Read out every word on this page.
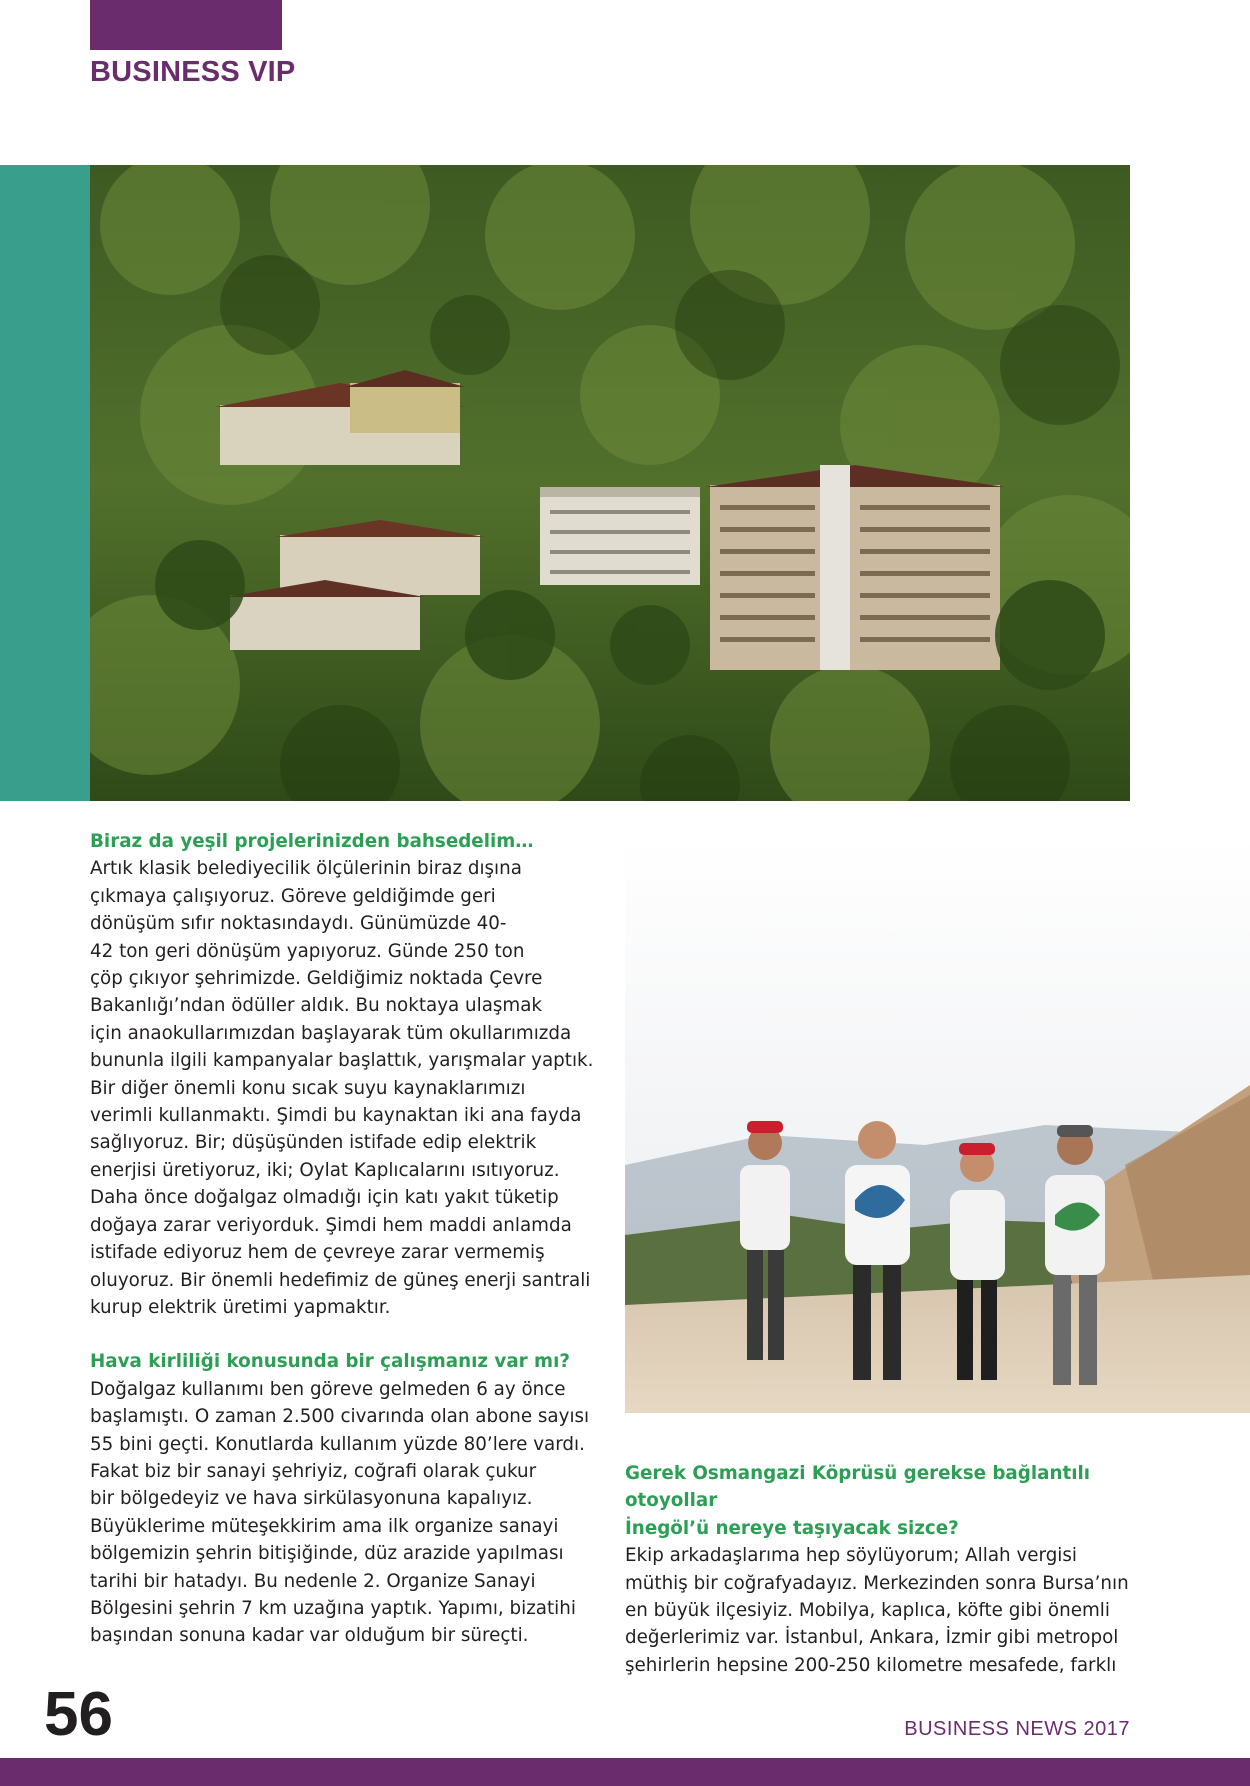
BUSINESS VIP

Biraz da yeşil projelerinizden bahsedelim…

Artık klasik belediyecilik ölçülerinin biraz dışına

çıkmaya çalışıyoruz. Göreve geldiğimde geri

dönüşüm sıfır noktasındaydı. Günümüzde 40-

42 ton geri dönüşüm yapıyoruz. Günde 250 ton

çöp çıkıyor şehrimizde. Geldiğimiz noktada Çevre

Bakanlığı’ndan ödüller aldık. Bu noktaya ulaşmak

için anaokullarımızdan başlayarak tüm okullarımızda

bununla ilgili kampanyalar başlattık, yarışmalar yaptık.

Bir diğer önemli konu sıcak suyu kaynaklarımızı

verimli kullanmaktı. Şimdi bu kaynaktan iki ana fayda

sağlıyoruz. Bir; düşüşünden istifade edip elektrik

enerjisi üretiyoruz, iki; Oylat Kaplıcalarını ısıtıyoruz.

Daha önce doğalgaz olmadığı için katı yakıt tüketip

doğaya zarar veriyorduk. Şimdi hem maddi anlamda

istifade ediyoruz hem de çevreye zarar vermemiş

oluyoruz. Bir önemli hedefimiz de güneş enerji santrali

kurup elektrik üretimi yapmaktır.

Hava kirliliği konusunda bir çalışmanız var mı?

Doğalgaz kullanımı ben göreve gelmeden 6 ay önce

başlamıştı. O zaman 2.500 civarında olan abone sayısı

55 bini geçti. Konutlarda kullanım yüzde 80’lere vardı.

Fakat biz bir sanayi şehriyiz, coğrafi olarak çukur

bir bölgedeyiz ve hava sirkülasyonuna kapalıyız.

Büyüklerime müteşekkirim ama ilk organize sanayi

bölgemizin şehrin bitişiğinde, düz arazide yapılması

tarihi bir hatadyı. Bu nedenle 2. Organize Sanayi

Bölgesini şehrin 7 km uzağına yaptık. Yapımı, bizatihi

başından sonuna kadar var olduğum bir süreçti.

Gerek Osmangazi Köprüsü gerekse bağlantılı otoyollar

İnegöl’ü nereye taşıyacak sizce?

Ekip arkadaşlarıma hep söylüyorum; Allah vergisi

müthiş bir coğrafyadayız. Merkezinden sonra Bursa’nın

en büyük ilçesiyiz. Mobilya, kaplıca, köfte gibi önemli

değerlerimiz var. İstanbul, Ankara, İzmir gibi metropol

şehirlerin hepsine 200-250 kilometre mesafede, farklı

56	BUSINESS NEWS 2017
